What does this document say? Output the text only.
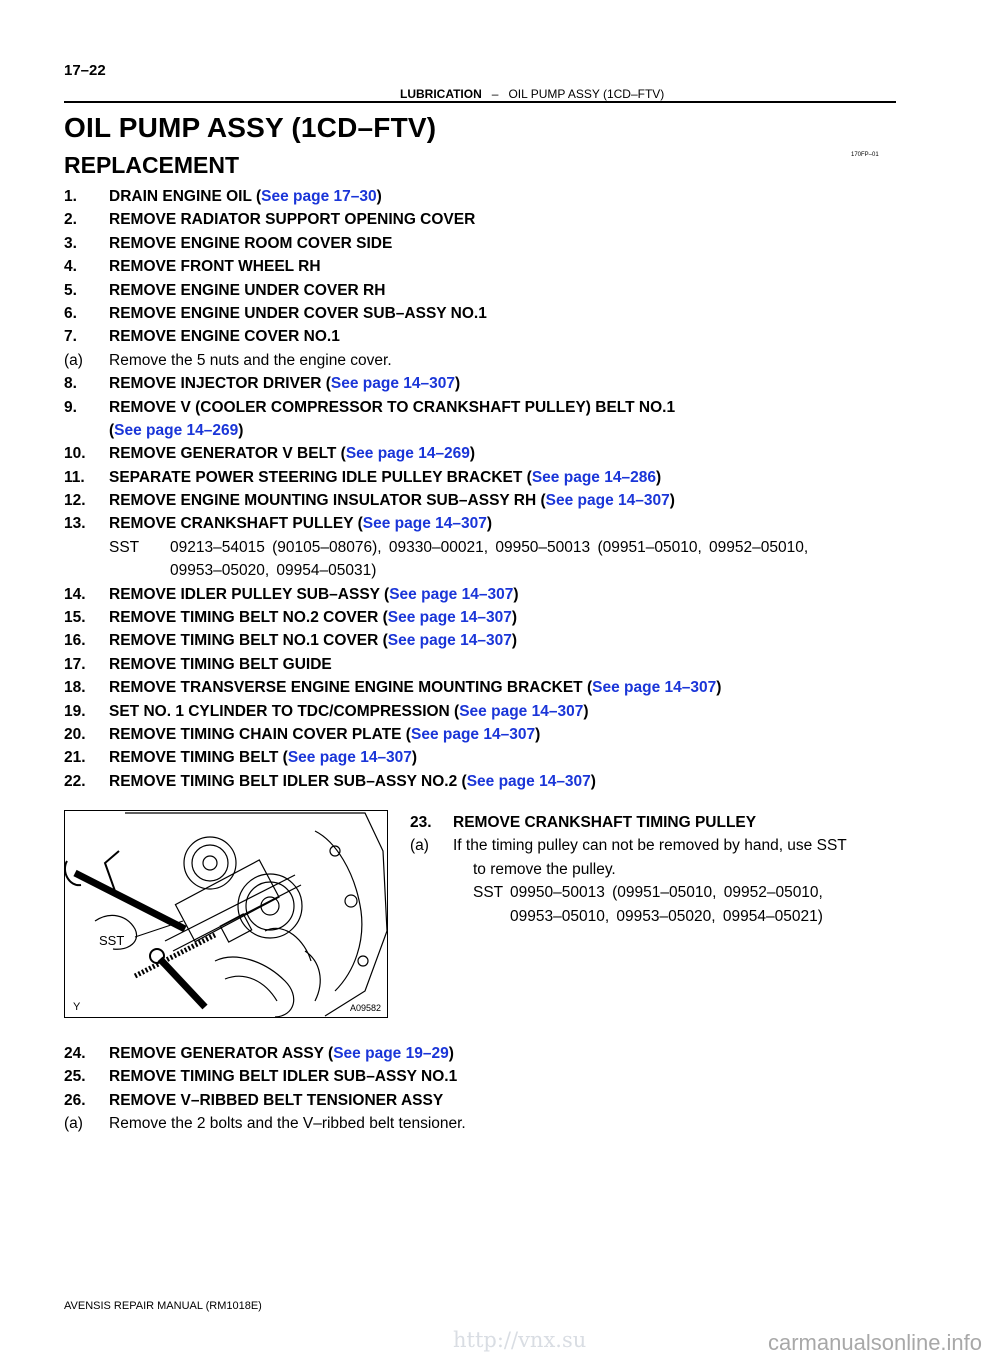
17–22
LUBRICATION – OIL PUMP ASSY (1CD–FTV)
OIL PUMP ASSY (1CD–FTV)
REPLACEMENT	170FP–01
1. DRAIN ENGINE OIL (See page 17–30)
2. REMOVE RADIATOR SUPPORT OPENING COVER
3. REMOVE ENGINE ROOM COVER SIDE
4. REMOVE FRONT WHEEL RH
5. REMOVE ENGINE UNDER COVER RH
6. REMOVE ENGINE UNDER COVER SUB–ASSY NO.1
7. REMOVE ENGINE COVER NO.1
(a) Remove the 5 nuts and the engine cover.
8. REMOVE INJECTOR DRIVER (See page 14–307)
9. REMOVE V (COOLER COMPRESSOR TO CRANKSHAFT PULLEY) BELT NO.1
(See page 14–269)
10. REMOVE GENERATOR V BELT (See page 14–269)
11. SEPARATE POWER STEERING IDLE PULLEY BRACKET (See page 14–286)
12. REMOVE ENGINE MOUNTING INSULATOR SUB–ASSY RH (See page 14–307)
13. REMOVE CRANKSHAFT PULLEY (See page 14–307)
SST 09213–54015 (90105–08076), 09330–00021, 09950–50013 (09951–05010, 09952–05010,
09953–05020, 09954–05031)
14. REMOVE IDLER PULLEY SUB–ASSY (See page 14–307)
15. REMOVE TIMING BELT NO.2 COVER (See page 14–307)
16. REMOVE TIMING BELT NO.1 COVER (See page 14–307)
17. REMOVE TIMING BELT GUIDE
18. REMOVE TRANSVERSE ENGINE ENGINE MOUNTING BRACKET (See page 14–307)
19. SET NO. 1 CYLINDER TO TDC/COMPRESSION (See page 14–307)
20. REMOVE TIMING CHAIN COVER PLATE (See page 14–307)
21. REMOVE TIMING BELT (See page 14–307)
22. REMOVE TIMING BELT IDLER SUB–ASSY NO.2 (See page 14–307)
SST
Y	A09582
23. REMOVE CRANKSHAFT TIMING PULLEY
(a) If the timing pulley can not be removed by hand, use SST
to remove the pulley.
SST 09950–50013 (09951–05010, 09952–05010,
09953–05010, 09953–05020, 09954–05021)
24. REMOVE GENERATOR ASSY (See page 19–29)
25. REMOVE TIMING BELT IDLER SUB–ASSY NO.1
26. REMOVE V–RIBBED BELT TENSIONER ASSY
(a) Remove the 2 bolts and the V–ribbed belt tensioner.
AVENSIS REPAIR MANUAL (RM1018E)
http://vnx.su	carmanualsonline.info
